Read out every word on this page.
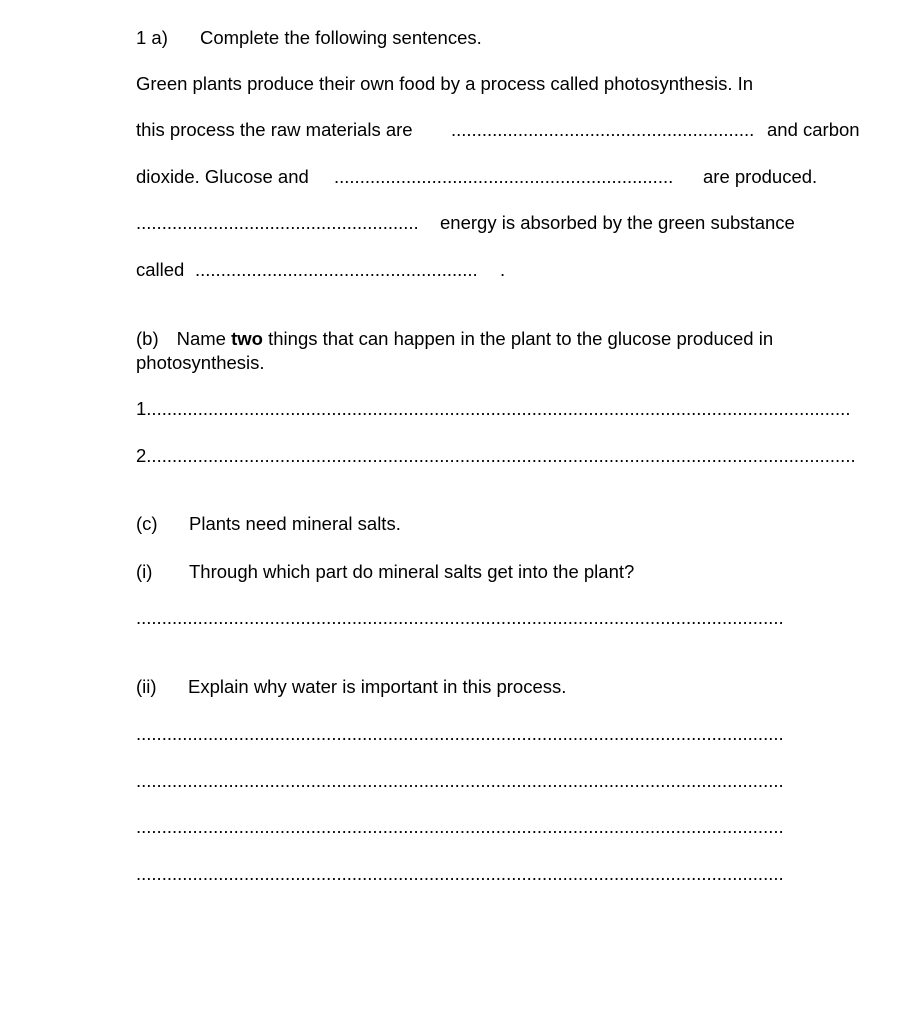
1 a) Complete the following sentences.
Green plants produce their own food by a process called photosynthesis. In
this process the raw materials are ........................................................... and carbon
dioxide. Glucose and .................................................................. are produced.
....................................................... energy is absorbed by the green substance
called ....................................................... .
(b) Name two things that can happen in the plant to the glucose produced in
photosynthesis.
1.........................................................................................................................................
2..........................................................................................................................................
(c) Plants need mineral salts.
(i) Through which part do mineral salts get into the plant?
..............................................................................................................................
(ii) Explain why water is important in this process.
..............................................................................................................................
..............................................................................................................................
..............................................................................................................................
..............................................................................................................................
